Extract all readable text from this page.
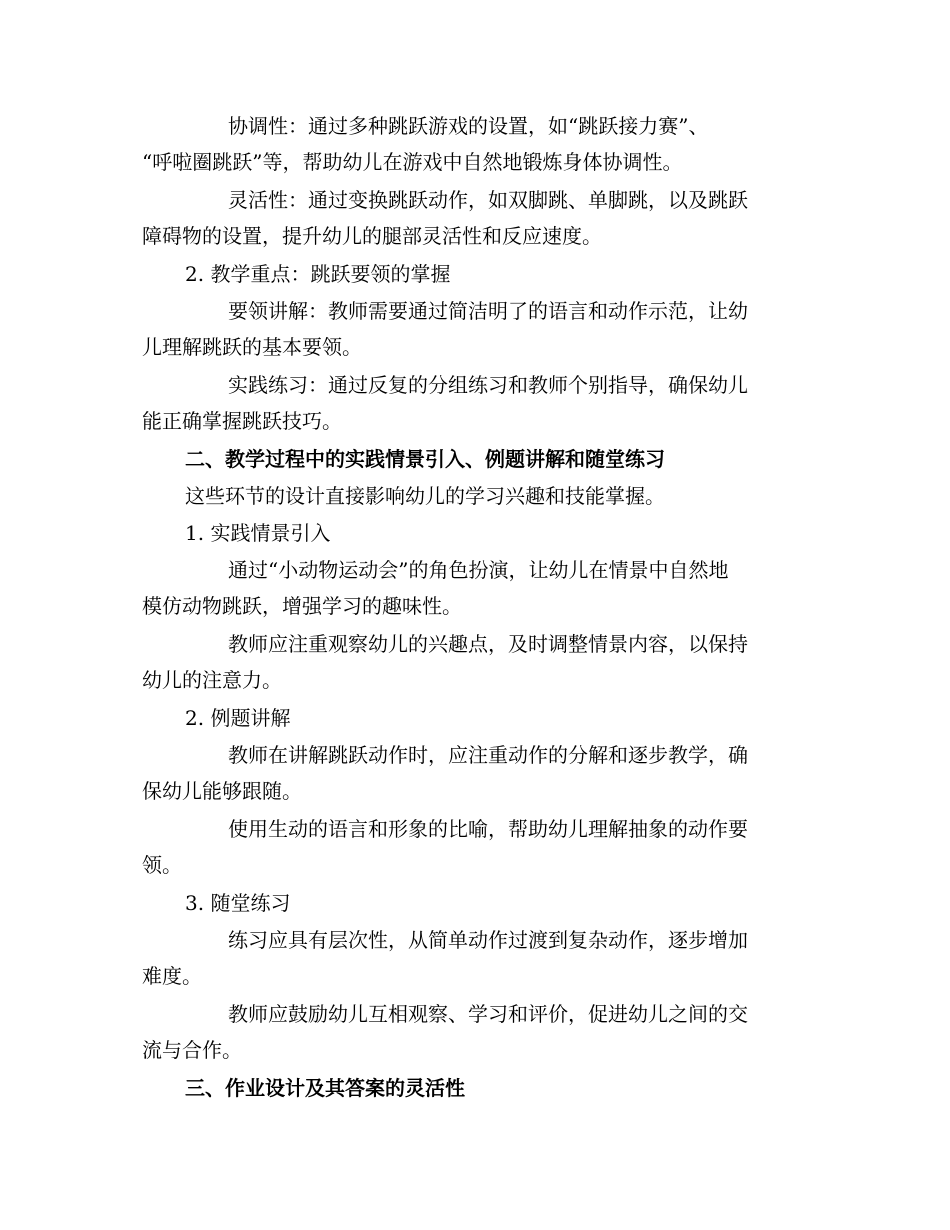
协调性：通过多种跳跃游戏的设置，如“跳跃接力赛”、
“呼啦圈跳跃”等，帮助幼儿在游戏中自然地锻炼身体协调性。
灵活性：通过变换跳跃动作，如双脚跳、单脚跳，以及跳跃
障碍物的设置，提升幼儿的腿部灵活性和反应速度。
2. 教学重点：跳跃要领的掌握
要领讲解：教师需要通过简洁明了的语言和动作示范，让幼
儿理解跳跃的基本要领。
实践练习：通过反复的分组练习和教师个别指导，确保幼儿
能正确掌握跳跃技巧。
二、教学过程中的实践情景引入、例题讲解和随堂练习
这些环节的设计直接影响幼儿的学习兴趣和技能掌握。
1. 实践情景引入
通过“小动物运动会”的角色扮演，让幼儿在情景中自然地
模仿动物跳跃，增强学习的趣味性。
教师应注重观察幼儿的兴趣点，及时调整情景内容，以保持
幼儿的注意力。
2. 例题讲解
教师在讲解跳跃动作时，应注重动作的分解和逐步教学，确
保幼儿能够跟随。
使用生动的语言和形象的比喻，帮助幼儿理解抽象的动作要
领。
3. 随堂练习
练习应具有层次性，从简单动作过渡到复杂动作，逐步增加
难度。
教师应鼓励幼儿互相观察、学习和评价，促进幼儿之间的交
流与合作。
三、作业设计及其答案的灵活性
